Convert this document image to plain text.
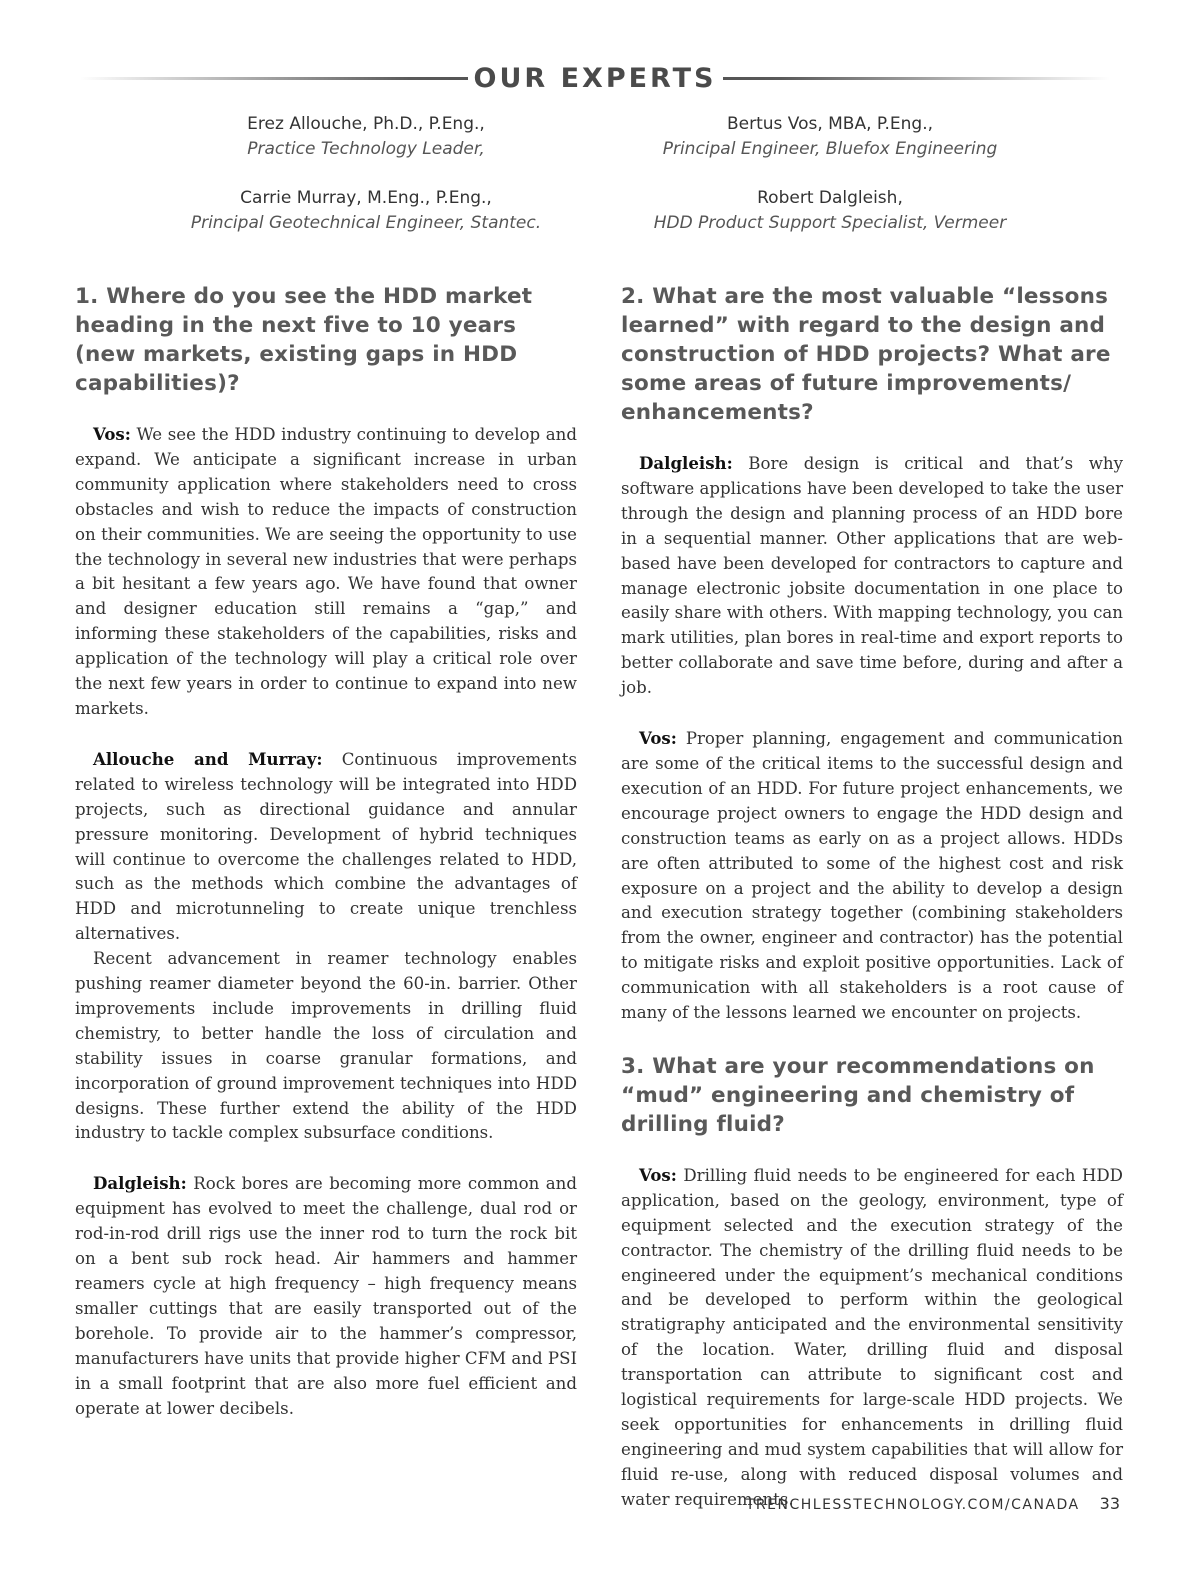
OUR EXPERTS
Erez Allouche, Ph.D., P.Eng.,
Practice Technology Leader,
Bertus Vos, MBA, P.Eng.,
Principal Engineer, Bluefox Engineering
Carrie Murray, M.Eng., P.Eng.,
Principal Geotechnical Engineer, Stantec.
Robert Dalgleish,
HDD Product Support Specialist, Vermeer
1. Where do you see the HDD market heading in the next five to 10 years (new markets, existing gaps in HDD capabilities)?

Vos: We see the HDD industry continuing to develop and expand. We anticipate a significant increase in urban community application where stakeholders need to cross obstacles and wish to reduce the impacts of construction on their communities. We are seeing the opportunity to use the technology in several new industries that were perhaps a bit hesitant a few years ago. We have found that owner and designer education still remains a “gap,” and informing these stakeholders of the capabilities, risks and application of the technology will play a critical role over the next few years in order to continue to expand into new markets.

Allouche and Murray: Continuous improvements related to wireless technology will be integrated into HDD projects, such as directional guidance and annular pressure monitoring. Development of hybrid techniques will continue to overcome the challenges related to HDD, such as the methods which combine the advantages of HDD and microtunneling to create unique trenchless alternatives.

Recent advancement in reamer technology enables pushing reamer diameter beyond the 60-in. barrier. Other improvements include improvements in drilling fluid chemistry, to better handle the loss of circulation and stability issues in coarse granular formations, and incorporation of ground improvement techniques into HDD designs. These further extend the ability of the HDD industry to tackle complex subsurface conditions.

Dalgleish: Rock bores are becoming more common and equipment has evolved to meet the challenge, dual rod or rod-in-rod drill rigs use the inner rod to turn the rock bit on a bent sub rock head. Air hammers and hammer reamers cycle at high frequency – high frequency means smaller cuttings that are easily transported out of the borehole. To provide air to the hammer’s compressor, manufacturers have units that provide higher CFM and PSI in a small footprint that are also more fuel efficient and operate at lower decibels.

2. What are the most valuable “lessons learned” with regard to the design and construction of HDD projects? What are some areas of future improvements/ enhancements?

Dalgleish: Bore design is critical and that’s why software applications have been developed to take the user through the design and planning process of an HDD bore in a sequential manner. Other applications that are web-based have been developed for contractors to capture and manage electronic jobsite documentation in one place to easily share with others. With mapping technology, you can mark utilities, plan bores in real-time and export reports to better collaborate and save time before, during and after a job.

Vos: Proper planning, engagement and communication are some of the critical items to the successful design and execution of an HDD. For future project enhancements, we encourage project owners to engage the HDD design and construction teams as early on as a project allows. HDDs are often attributed to some of the highest cost and risk exposure on a project and the ability to develop a design and execution strategy together (combining stakeholders from the owner, engineer and contractor) has the potential to mitigate risks and exploit positive opportunities. Lack of communication with all stakeholders is a root cause of many of the lessons learned we encounter on projects.

3. What are your recommendations on “mud” engineering and chemistry of drilling fluid?

Vos: Drilling fluid needs to be engineered for each HDD application, based on the geology, environment, type of equipment selected and the execution strategy of the contractor. The chemistry of the drilling fluid needs to be engineered under the equipment’s mechanical conditions and be developed to perform within the geological stratigraphy anticipated and the environmental sensitivity of the location. Water, drilling fluid and disposal transportation can attribute to significant cost and logistical requirements for large-scale HDD projects. We seek opportunities for enhancements in drilling fluid engineering and mud system capabilities that will allow for fluid re-use, along with reduced disposal volumes and water requirements.

TRENCHLESSTECHNOLOGY.COM/CANADA 33
